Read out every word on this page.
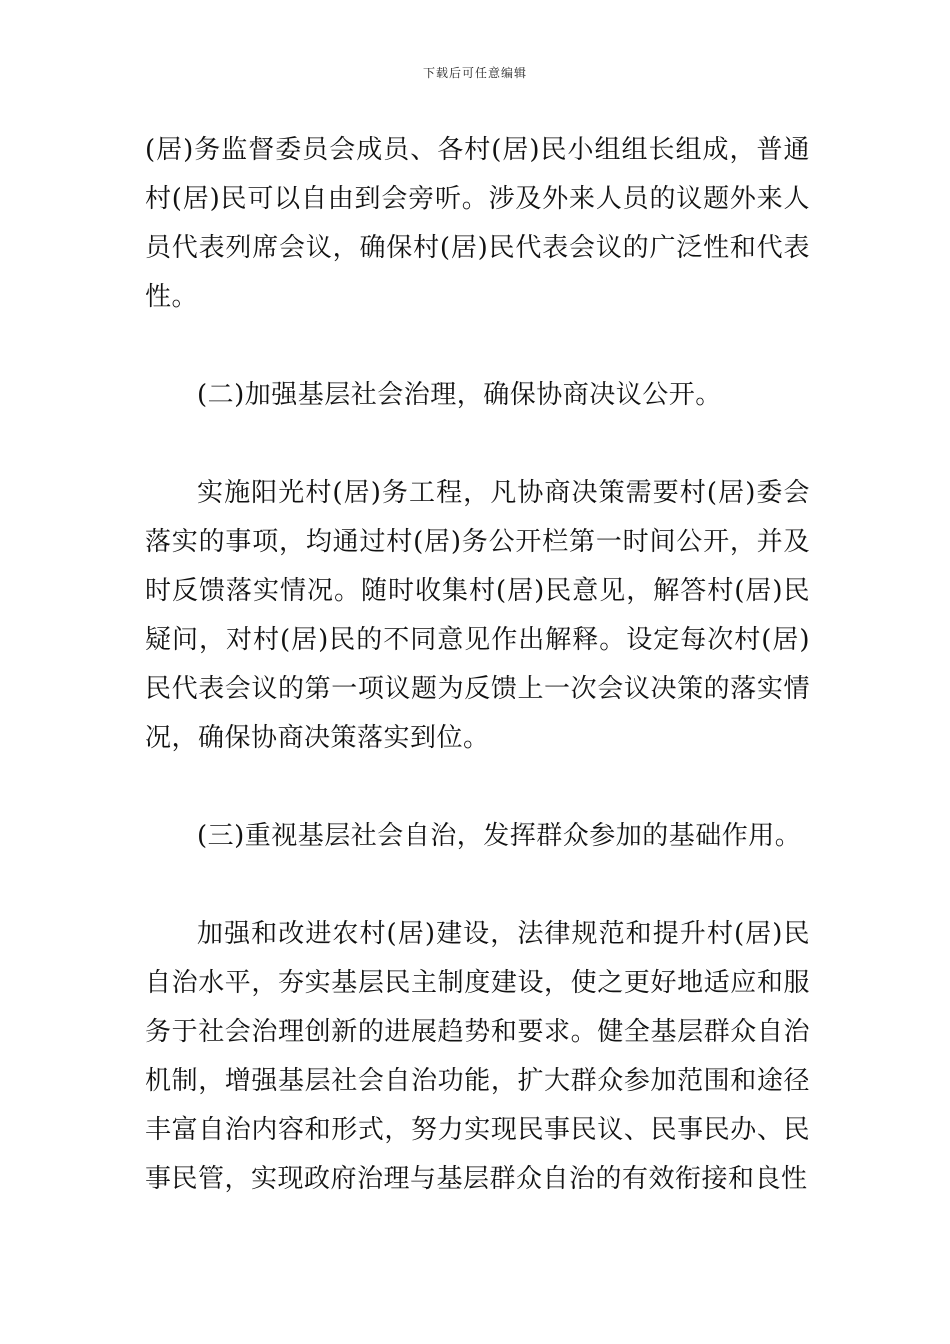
下载后可任意编辑

(居)务监督委员会成员、各村(居)民小组组长组成，普通村(居)民可以自由到会旁听。涉及外来人员的议题外来人员代表列席会议，确保村(居)民代表会议的广泛性和代表性。

(二)加强基层社会治理，确保协商决议公开。

实施阳光村(居)务工程，凡协商决策需要村(居)委会落实的事项，均通过村(居)务公开栏第一时间公开，并及时反馈落实情况。随时收集村(居)民意见，解答村(居)民疑问，对村(居)民的不同意见作出解释。设定每次村(居)民代表会议的第一项议题为反馈上一次会议决策的落实情况，确保协商决策落实到位。

(三)重视基层社会自治，发挥群众参加的基础作用。

加强和改进农村(居)建设，法律规范和提升村(居)民自治水平，夯实基层民主制度建设，使之更好地适应和服务于社会治理创新的进展趋势和要求。健全基层群众自治机制，增强基层社会自治功能，扩大群众参加范围和途径丰富自治内容和形式，努力实现民事民议、民事民办、民事民管，实现政府治理与基层群众自治的有效衔接和良性
